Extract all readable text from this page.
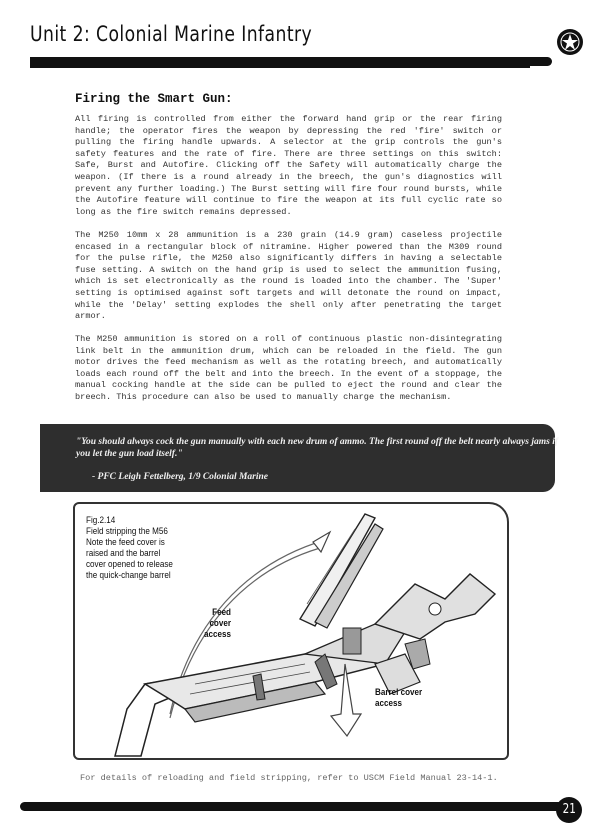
Unit 2: Colonial Marine Infantry
Firing the Smart Gun:

All firing is controlled from either the forward hand grip or the rear firing handle; the operator fires the weapon by depressing the red 'fire' switch or pulling the firing handle upwards. A selector at the grip controls the gun's safety features and the rate of fire. There are three settings on this switch: Safe, Burst and Autofire. Clicking off the Safety will automatically charge the weapon. (If there is a round already in the breech, the gun's diagnostics will prevent any further loading.) The Burst setting will fire four round bursts, while the Autofire feature will continue to fire the weapon at its full cyclic rate so long as the fire switch remains depressed.

The M250 10mm x 28 ammunition is a 230 grain (14.9 gram) caseless projectile encased in a rectangular block of nitramine. Higher powered than the M309 round for the pulse rifle, the M250 also significantly differs in having a selectable fuse setting. A switch on the hand grip is used to select the ammunition fusing, which is set electronically as the round is loaded into the chamber. The 'Super' setting is optimised against soft targets and will detonate the round on impact, while the 'Delay' setting explodes the shell only after penetrating the target armor.

The M250 ammunition is stored on a roll of continuous plastic non-disintegrating link belt in the ammunition drum, which can be reloaded in the field. The gun motor drives the feed mechanism as well as the rotating breech, and automatically loads each round off the belt and into the breech. In the event of a stoppage, the manual cocking handle at the side can be pulled to eject the round and clear the breech. This procedure can also be used to manually charge the mechanism.

"You should always cock the gun manually with each new drum of ammo. The first round off the belt nearly always jams if you let the gun load itself."

- PFC Leigh Fettelberg, 1/9 Colonial Marine

Fig.2.14
Field stripping the M56
Note the feed cover is
raised and the barrel
cover opened to release
the quick-change barrel

Feed
cover
access
Barrel cover
access
For details of reloading and field stripping, refer to USCM Field Manual 23-14-1.
21
